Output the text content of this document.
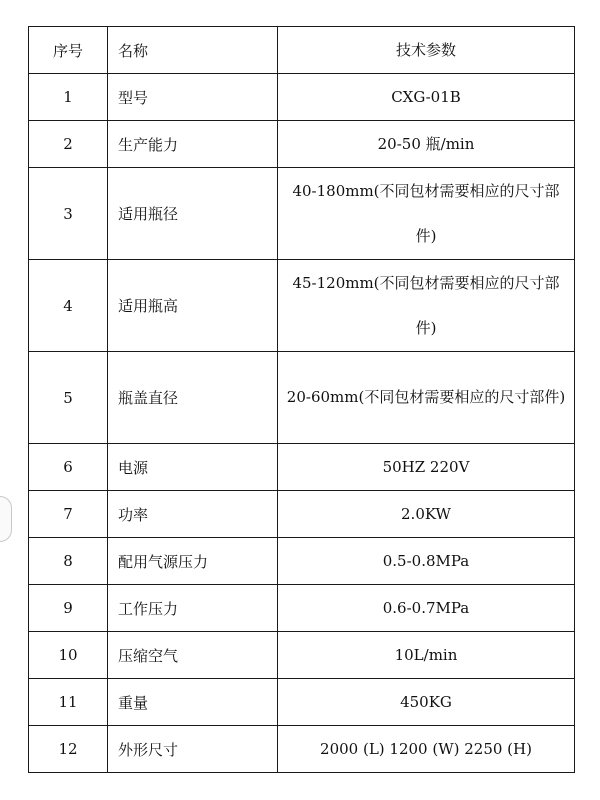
序号	名称	技术参数
1	型号	CXG-01B
2	生产能力	20-50 瓶/min
3	适用瓶径	40-180mm(不同包材需要相应的尺寸部件)
4	适用瓶高	45-120mm(不同包材需要相应的尺寸部件)
5	瓶盖直径	20-60mm(不同包材需要相应的尺寸部件)
6	电源	50HZ 220V
7	功率	2.0KW
8	配用气源压力	0.5-0.8MPa
9	工作压力	0.6-0.7MPa
10	压缩空气	10L/min
11	重量	450KG
12	外形尺寸	2000 (L) 1200 (W) 2250 (H)
